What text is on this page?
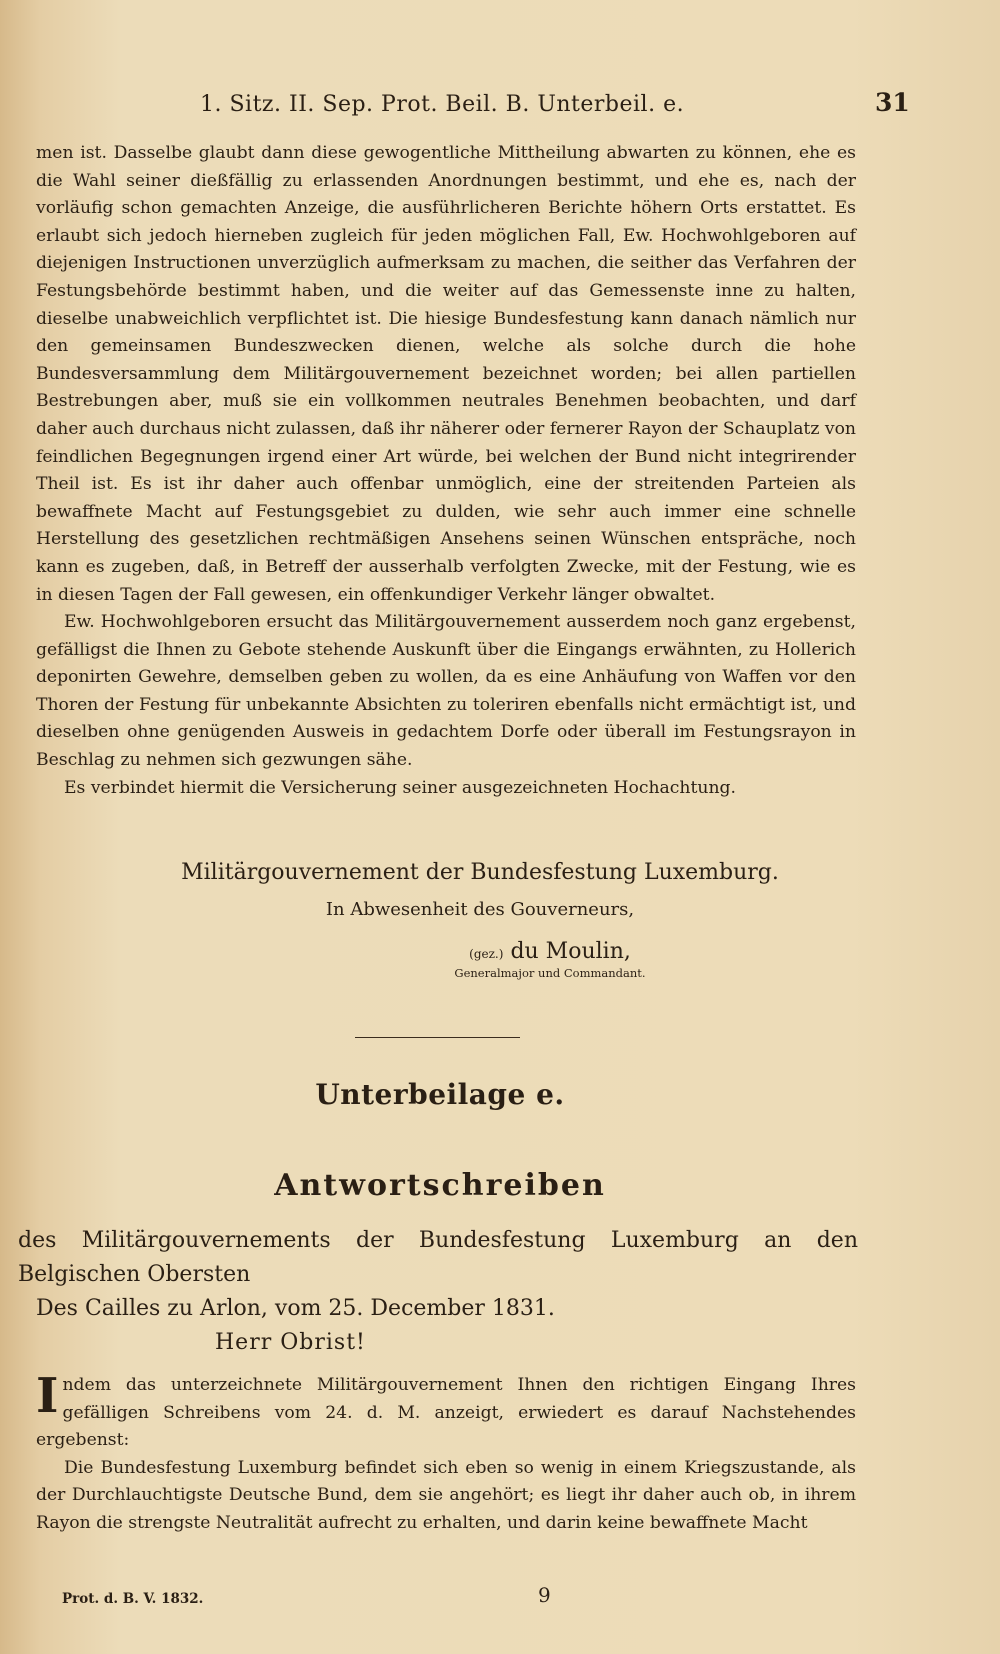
1. Sitz. II. Sep. Prot. Beil. B. Unterbeil. e.	31

men ist. Dasselbe glaubt dann diese gewogentliche Mittheilung abwarten zu können, ehe es die Wahl seiner dießfällig zu erlassenden Anordnungen bestimmt, und ehe es, nach der vorläufig schon gemachten Anzeige, die ausführlicheren Berichte höhern Orts erstattet. Es erlaubt sich jedoch hierneben zugleich für jeden möglichen Fall, Ew. Hochwohlgeboren auf diejenigen Instructionen unverzüglich aufmerksam zu machen, die seither das Verfahren der Festungsbehörde bestimmt haben, und die weiter auf das Gemessenste inne zu halten, dieselbe unabweichlich verpflichtet ist. Die hiesige Bundesfestung kann danach nämlich nur den gemeinsamen Bundeszwecken dienen, welche als solche durch die hohe Bundesversammlung dem Militärgouvernement bezeichnet worden; bei allen partiellen Bestrebungen aber, muß sie ein vollkommen neutrales Benehmen beobachten, und darf daher auch durchaus nicht zulassen, daß ihr näherer oder fernerer Rayon der Schauplatz von feindlichen Begegnungen irgend einer Art würde, bei welchen der Bund nicht integrirender Theil ist. Es ist ihr daher auch offenbar unmöglich, eine der streitenden Parteien als bewaffnete Macht auf Festungsgebiet zu dulden, wie sehr auch immer eine schnelle Herstellung des gesetzlichen rechtmäßigen Ansehens seinen Wünschen entspräche, noch kann es zugeben, daß, in Betreff der ausserhalb verfolgten Zwecke, mit der Festung, wie es in diesen Tagen der Fall gewesen, ein offenkundiger Verkehr länger obwaltet.

Ew. Hochwohlgeboren ersucht das Militärgouvernement ausserdem noch ganz ergebenst, gefälligst die Ihnen zu Gebote stehende Auskunft über die Eingangs erwähnten, zu Hollerich deponirten Gewehre, demselben geben zu wollen, da es eine Anhäufung von Waffen vor den Thoren der Festung für unbekannte Absichten zu toleriren ebenfalls nicht ermächtigt ist, und dieselben ohne genügenden Ausweis in gedachtem Dorfe oder überall im Festungsrayon in Beschlag zu nehmen sich gezwungen sähe.

Es verbindet hiermit die Versicherung seiner ausgezeichneten Hochachtung.

Militärgouvernement der Bundesfestung Luxemburg.
In Abwesenheit des Gouverneurs,
(gez.) du Moulin,
Generalmajor und Commandant.
Unterbeilage e.
Antwortschreiben
des Militärgouvernements der Bundesfestung Luxemburg an den Belgischen Obersten
Des Cailles zu Arlon, vom 25. December 1831.
Herr Obrist!

Indem das unterzeichnete Militärgouvernement Ihnen den richtigen Eingang Ihres gefälligen Schreibens vom 24. d. M. anzeigt, erwiedert es darauf Nachstehendes ergebenst:

Die Bundesfestung Luxemburg befindet sich eben so wenig in einem Kriegszustande, als der Durchlauchtigste Deutsche Bund, dem sie angehört; es liegt ihr daher auch ob, in ihrem Rayon die strengste Neutralität aufrecht zu erhalten, und darin keine bewaffnete Macht

Prot. d. B. V. 1832.	9
